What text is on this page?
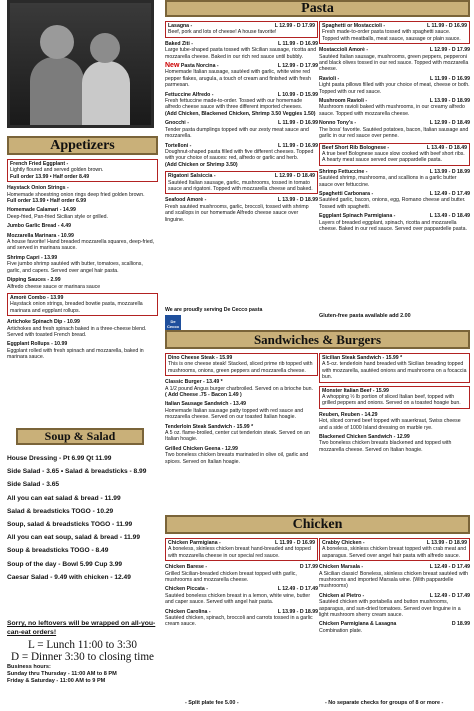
Appetizers
French Fried Eggplant -
Lightly floured and served golden brown.
Full order 13.99 • Half order 8.49
Haystack Onion Strings -
Homemade shoestring onion rings deep fried golden brown.
Full order 13.99 • Half order 6.99
Homemade Calamari - 14.99
Deep-fried, Pan-fried Sicilian style or grilled.
Jumbo Garlic Bread - 4.49
Mozzarella Marinara - 10.99
A house favorite! Hand breaded mozzarella squares, deep-fried, and served in marinara sauce.
Shrimp Capri - 13.99
Five jumbo shrimp sautéed with butter, tomatoes, scallions, garlic, and capers. Served over angel hair pasta.
Dipping Sauces - 2.99
Alfredo cheese sauce or marinara sauce
Amorè Combo - 13.99
Haystack onion strings, breaded bowtie pasta, mozzarella marinara and eggplant rollups.
Artichoke Spinach Dip - 10.99
Artichokes and fresh spinach baked in a three-cheese blend. Served with toasted French bread.
Eggplant Rollups - 10.99
Eggplant rolled with fresh spinach and mozzarella, baked in marinara sauce.
Soup & Salad
House Dressing - Pt 6.99 Qt 11.99
Side Salad - 3.65 • Salad & breadsticks - 8.99
Side Salad - 3.65
All you can eat salad & bread - 11.99
Salad & breadsticks TOGO - 10.29
Soup, salad & breadsticks TOGO - 11.99
All you can eat soup, salad & bread - 11.99
Soup & breadsticks TOGO - 8.49
Soup of the day - Bowl 5.99 Cup 3.99
Caesar Salad - 9.49 with chicken - 12.49
Sorry, no leftovers will be wrapped on all-you-can-eat orders!
L = Lunch 11:00 to 3:30
D = Dinner 3:30 to closing time
Business hours:
Sunday thru Thursday - 11:00 AM to 8 PM
Friday & Saturday - 11:00 AM to 9 PM
Pasta
Lasagna -	L 12.99 - D 17.99
Beef, pork and lots of cheese! A house favorite!
Baked Ziti -	L 11.99 - D 16.99
Large tube-shaped pasta tossed with Sicilian sausage, ricotta and mozzarella cheese. Baked in our rich red sauce until bubbly.
New Pasta Norcina -	L 12.99 - D 17.99
Homemade Italian sausage, sautéed with garlic, white wine red pepper flakes, arugula, a touch of cream and finished with fresh parmesan.
Fettuccine Alfredo -	L 10.99 - D 15.99
Fresh fettuccine made-to-order. Tossed with our homemade alfredo cheese sauce with three different imported cheeses.
(Add Chicken, Blackened Chicken, Shrimp 3.50 Veggies 1.50)
Gnocchi -	L 11.99 - D 16.99
Tender pasta dumplings topped with our zesty meat sauce and mozzarella.
Tortelloni -	L 11.99 - D 16.99
Doughnut-shaped pasta filled with five different cheeses. Topped with your choice of sauces: red, alfredo or garlic and herb.
(Add Chicken or Shrimp 3.50)
Rigatoni Salsiccia -	L 12.99 - D 18.49
Sautéed Italian sausage, garlic, mushrooms, tossed in tomato sauce and rigatoni. Topped with mozzarella cheese and baked.
Seafood Amorè -	L 13.99 - D 18.99
Fresh sautéed mushrooms, garlic, broccoli, tossed with shrimp and scallops in our homemade Alfredo cheese sauce over linguine.
We are proudly serving De Cecco pasta
De Cecco
Spaghetti or Mostaccioli -	L 11.99 - D 16.99
Fresh made-to-order pasta tossed with spaghetti sauce. Topped with meatballs, meat sauce, sausage or plain sauce.
Mostaccioli Amorè -	L 12.99 - D 17.99
Sautéed Italian sausage, mushrooms, green peppers, pepperoni and black olives tossed in our red sauce. Topped with mozzarella cheese.
Ravioli -	L 11.99 - D 16.99
Light pasta pillows filled with your choice of meat, cheese or both. Topped with our red sauce.
Mushroom Ravioli -	L 13.99 - D 18.99
Mushroom ravioli baked with mushrooms, in our creamy alfredo sauce. Topped with mozzarella cheese.
Nonno Tony's -	L 12.99 - D 18.49
The boss' favorite. Sautéed potatoes, bacon, Italian sausage and garlic in our red sauce over penne.
Beef Short Rib Bolognese -	L 13.49 - D 18.49
A true beef Bolognese sauce slow cooked with beef short ribs. A hearty meat sauce served over pappardelle pasta.
Shrimp Fettuccine -	L 13.99 - D 18.99
Sautéed shrimp, mushrooms, and scallions in a garlic butter sauce over fettuccine.
Spaghetti Carbonara -	L 12.49 - D 17.49
Sautéed garlic, bacon, onions, egg, Romano cheese and butter. Tossed with spaghetti.
Eggplant Spinach Parmigiana -	L 13.49 - D 18.49
Layers of breaded eggplant, spinach, ricotta and mozzarella cheese. Baked in our red sauce. Served over pappardelle pasta.
Gluten-free pasta available add 2.00
Sandwiches & Burgers
Dino Cheese Steak - 15.99
This is one cheese steak! Stacked, sliced prime rib topped with mushrooms, onions, green peppers and mozzarella cheese.
Classic Burger - 13.49 *
A 1/2 pound Angus burger charbroiled. Served on a brioche bun.
( Add Cheese .75 - Bacon 1.49 )
Italian Sausage Sandwich - 13.49
Homemade Italian sausage patty topped with red sauce and mozzarella cheese. Served on our toasted Italian hoagie.
Tenderloin Steak Sandwich - 15.99 *
A 5 oz. flame-broiled, center cut tenderloin steak. Served on an Italian hoagie.
Grilled Chicken Geena - 12.99
Two boneless chicken breasts marinated in olive oil, garlic and spices. Served on Italian hoagie.
Sicilian Steak Sandwich - 15.99 *
A 5-oz. tenderloin hand breaded with Sicilian breading topped with mozzarella, sautéed onions and mushrooms on a focaccia bun.
Monster Italian Beef - 15.99
A whopping ½ lb portion of sliced Italian beef, topped with grilled peppers and onions. Served on a toasted hoagie bun.
Reuben, Reuben - 14.29
Hot, sliced corned beef topped with sauerkraut, Swiss cheese and a side of 1000 Island dressing on marble rye.
Blackened Chicken Sandwich - 12.99
Two boneless chicken breasts blackened and topped with mozzarella cheese. Served on Italian hoagie.
Chicken
Chicken Parmigiana -	L 11.99 - D 16.99
A boneless, skinless chicken breast hand-breaded and topped with mozzarella cheese in our special red sauce.
Chicken Barese -	D 17.99
Grilled Sicilian-breaded chicken breast topped with garlic, mushrooms and mozzarella cheese.
Chicken Piccata -	L 12.49 - D 17.49
Sautéed boneless chicken breast in a lemon, white wine, butter and caper sauce. Served with angel hair pasta.
Chicken Carolina -	L 13.99 - D 18.99
Sautéed chicken, spinach, broccoli and carrots tossed in a garlic cream sauce.
Crabby Chicken -	L 13.99 - D 18.99
A boneless, skinless chicken breast topped with crab meat and asparagus. Served over angel hair pasta with alfredo sauce.
Chicken Marsala -	L 12.49 - D 17.49
A Sicilian classic! Boneless, skinless chicken breast sautéed with mushrooms and imported Marsala wine. (With pappardelle mushrooms)
Chicken al Pietro -	L 12.49 - D 17.49
Sautéed chicken with portabella and button mushrooms, asparagus, and sun-dried tomatoes. Served over linguine in a light mushroom sherry cream sauce.
Chicken Parmigiana & Lasagna	D 18.99
Combination plate.
- Split plate fee 5.00 -	- No separate checks for groups of 8 or more -
